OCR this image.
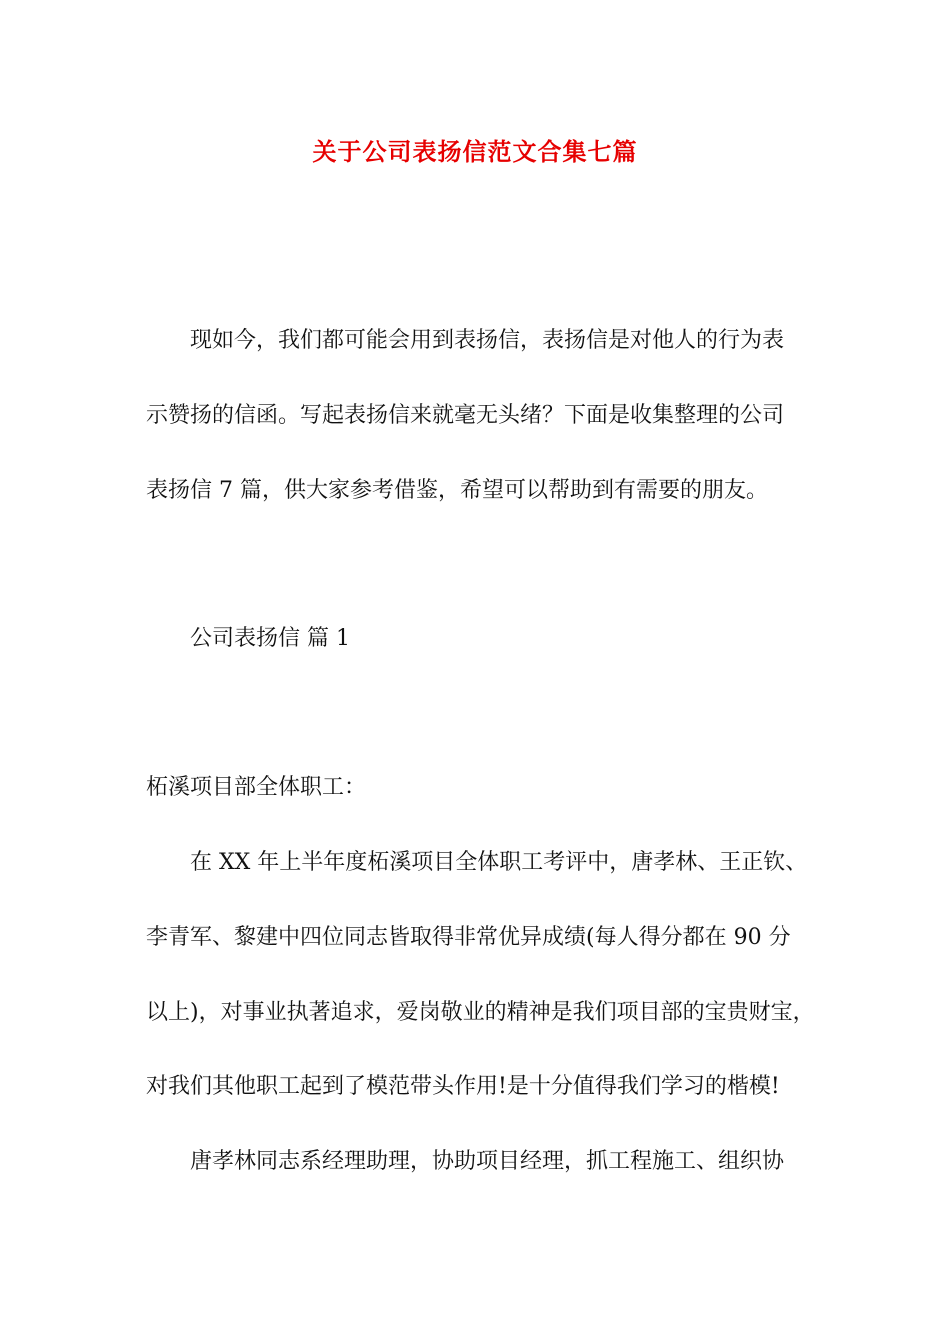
关于公司表扬信范文合集七篇
现如今，我们都可能会用到表扬信，表扬信是对他人的行为表
示赞扬的信函。写起表扬信来就毫无头绪？下面是收集整理的公司
表扬信 7 篇，供大家参考借鉴，希望可以帮助到有需要的朋友。
公司表扬信 篇 1
柘溪项目部全体职工：
在 XX 年上半年度柘溪项目全体职工考评中，唐孝林、王正钦、
李青军、黎建中四位同志皆取得非常优异成绩(每人得分都在 90 分
以上)，对事业执著追求，爱岗敬业的精神是我们项目部的宝贵财宝，
对我们其他职工起到了模范带头作用!是十分值得我们学习的楷模!
唐孝林同志系经理助理，协助项目经理，抓工程施工、组织协
